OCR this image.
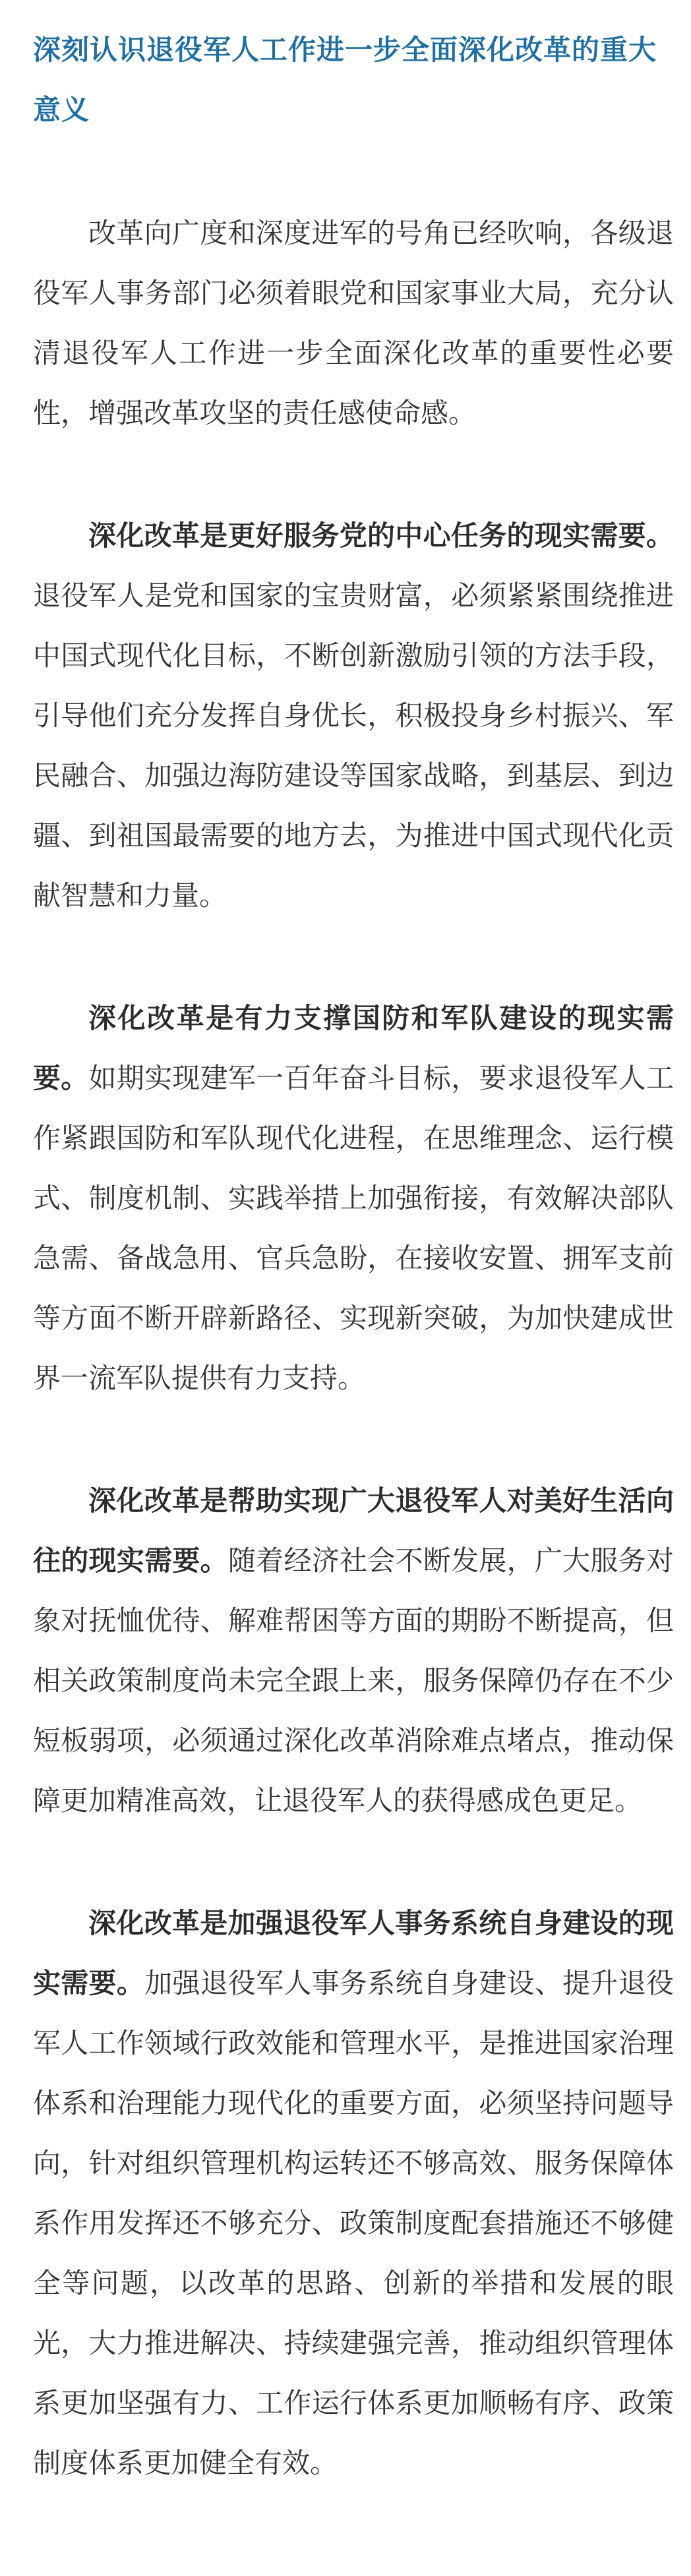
深刻认识退役军人工作进一步全面深化改革的重大意义

改革向广度和深度进军的号角已经吹响，各级退役军人事务部门必须着眼党和国家事业大局，充分认清退役军人工作进一步全面深化改革的重要性必要性，增强改革攻坚的责任感使命感。

深化改革是更好服务党的中心任务的现实需要。退役军人是党和国家的宝贵财富，必须紧紧围绕推进中国式现代化目标，不断创新激励引领的方法手段，引导他们充分发挥自身优长，积极投身乡村振兴、军民融合、加强边海防建设等国家战略，到基层、到边疆、到祖国最需要的地方去，为推进中国式现代化贡献智慧和力量。

深化改革是有力支撑国防和军队建设的现实需要。如期实现建军一百年奋斗目标，要求退役军人工作紧跟国防和军队现代化进程，在思维理念、运行模式、制度机制、实践举措上加强衔接，有效解决部队急需、备战急用、官兵急盼，在接收安置、拥军支前等方面不断开辟新路径、实现新突破，为加快建成世界一流军队提供有力支持。

深化改革是帮助实现广大退役军人对美好生活向往的现实需要。随着经济社会不断发展，广大服务对象对抚恤优待、解难帮困等方面的期盼不断提高，但相关政策制度尚未完全跟上来，服务保障仍存在不少短板弱项，必须通过深化改革消除难点堵点，推动保障更加精准高效，让退役军人的获得感成色更足。

深化改革是加强退役军人事务系统自身建设的现实需要。加强退役军人事务系统自身建设、提升退役军人工作领域行政效能和管理水平，是推进国家治理体系和治理能力现代化的重要方面，必须坚持问题导向，针对组织管理机构运转还不够高效、服务保障体系作用发挥还不够充分、政策制度配套措施还不够健全等问题，以改革的思路、创新的举措和发展的眼光，大力推进解决、持续建强完善，推动组织管理体系更加坚强有力、工作运行体系更加顺畅有序、政策制度体系更加健全有效。
